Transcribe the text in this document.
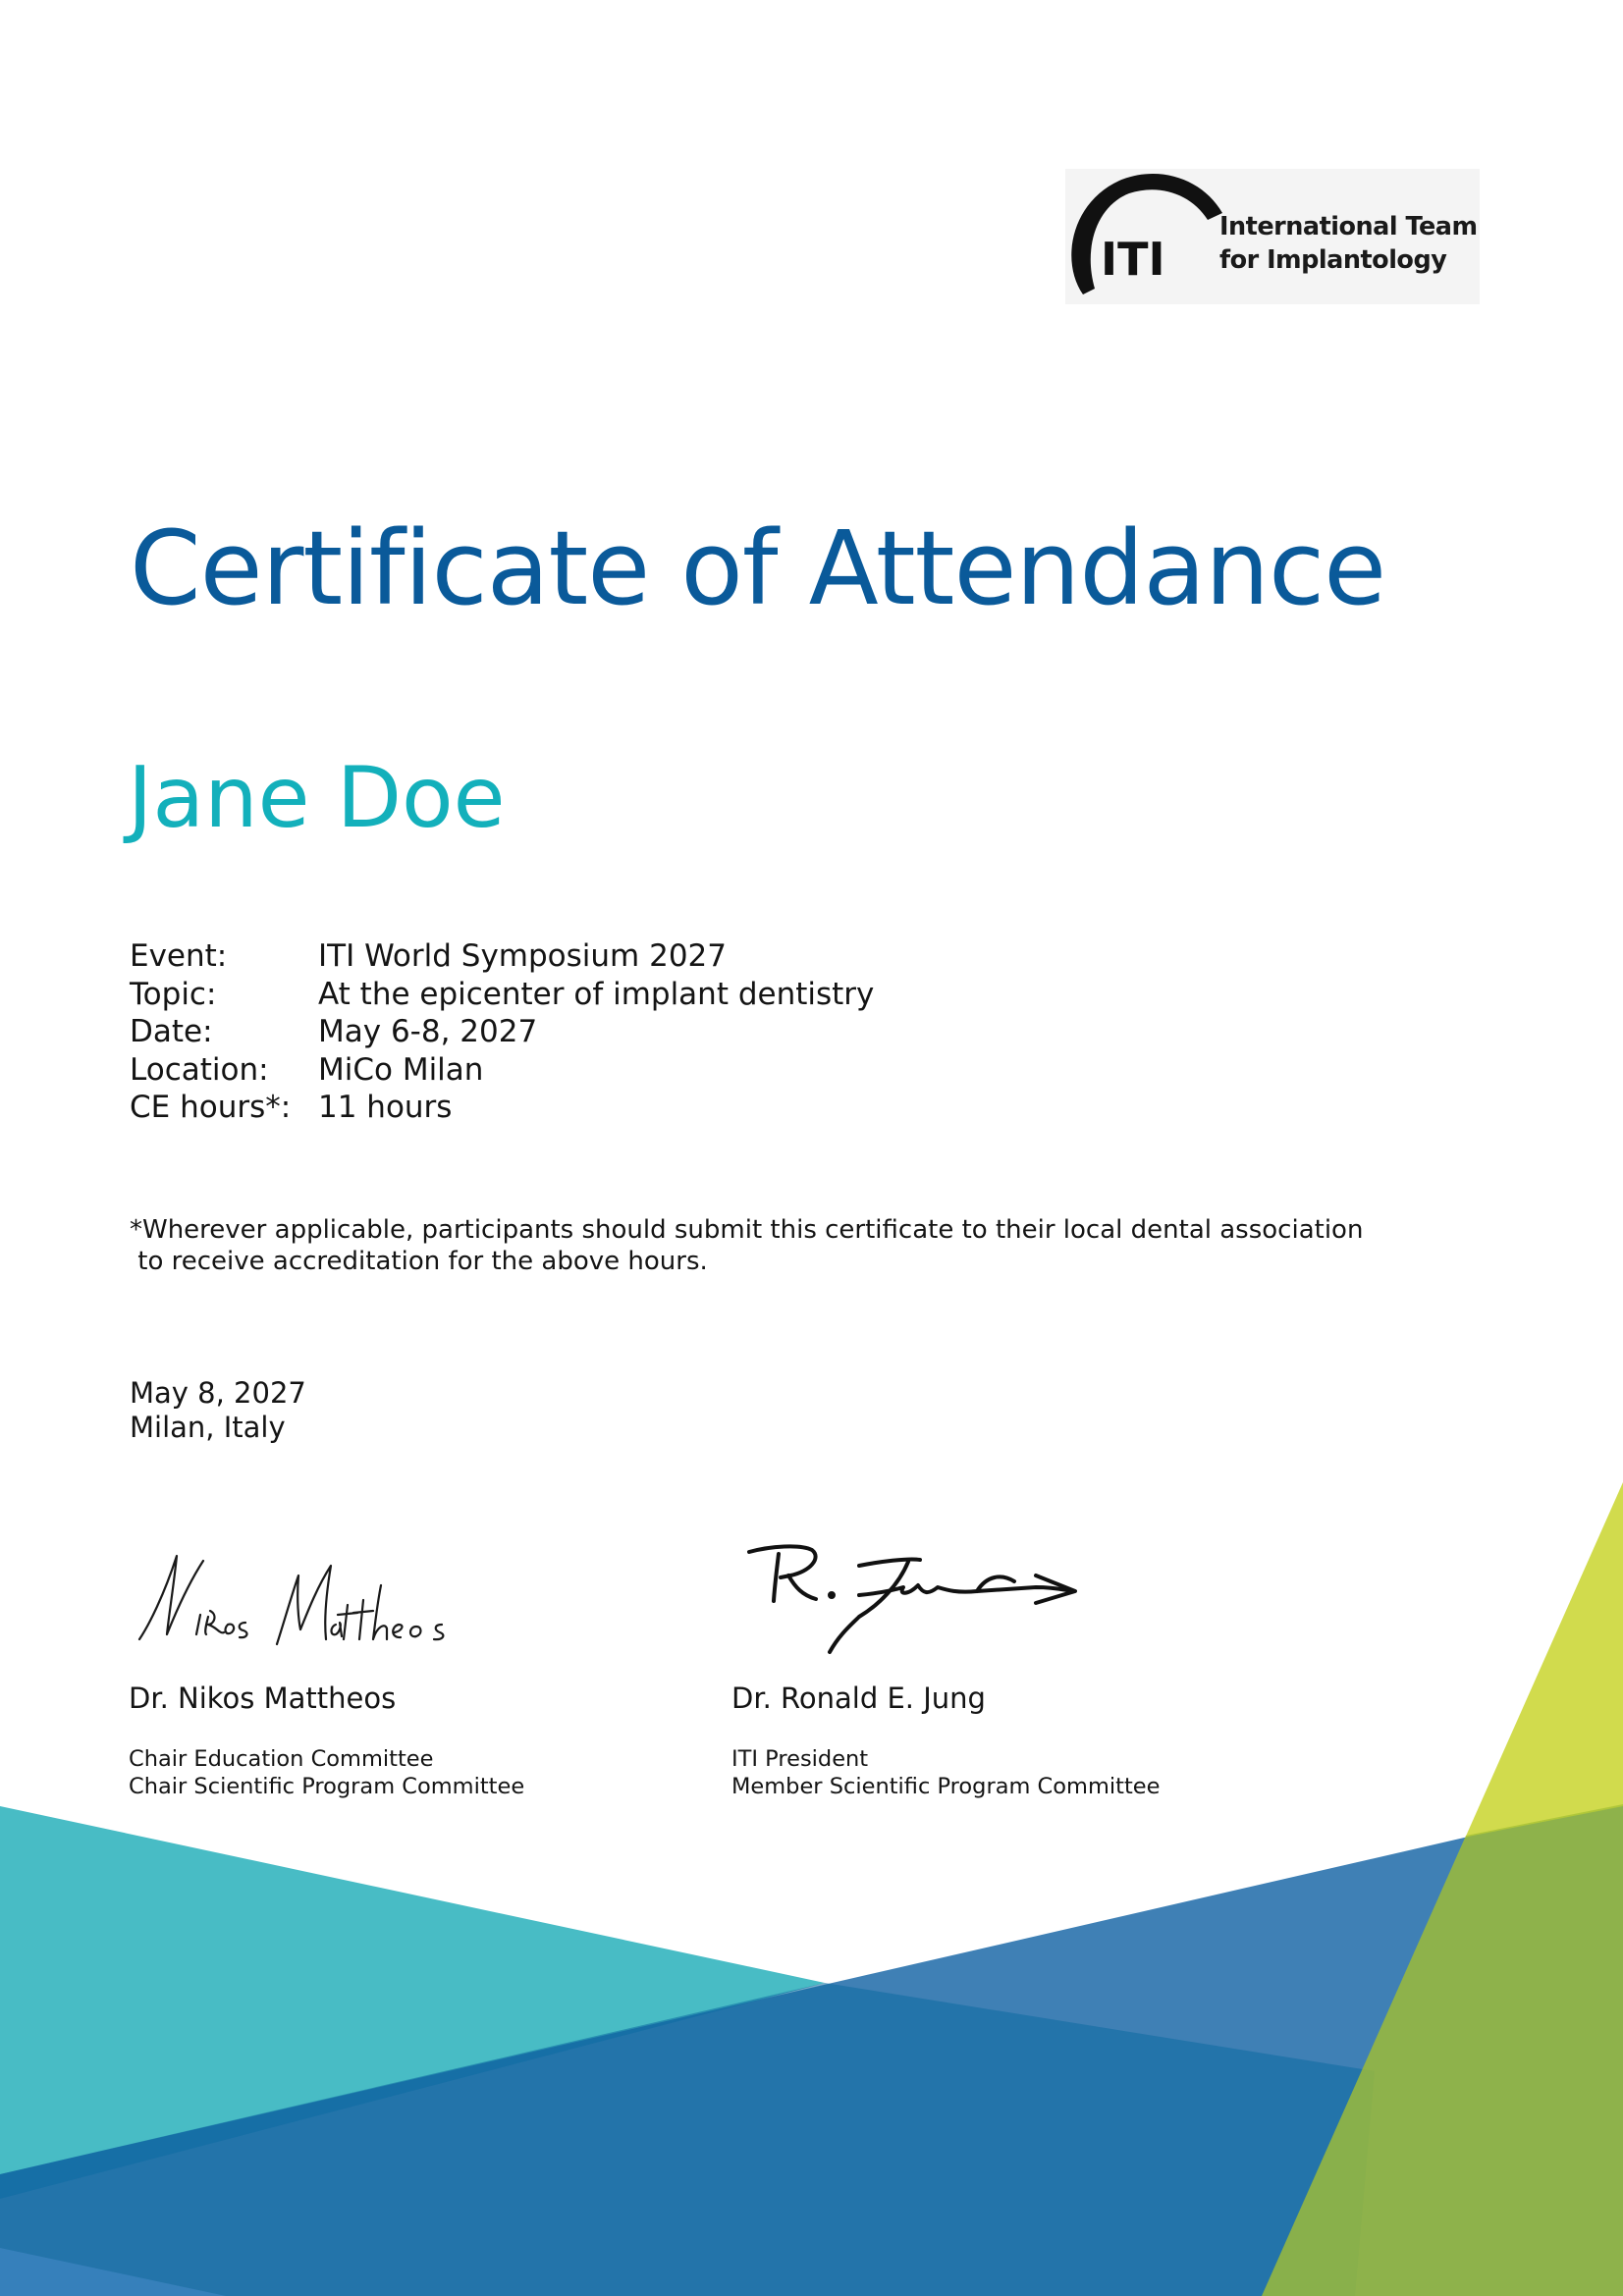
ITI
International Team
for Implantology
Certificate of Attendance
Jane Doe
Event:	ITI World Symposium 2027
Topic:	At the epicenter of implant dentistry
Date:	May 6-8, 2027
Location:	MiCo Milan
CE hours*: 11 hours
*Wherever applicable, participants should submit this certificate to their local dental association
to receive accreditation for the above hours.
May 8, 2027
Milan, Italy
Dr. Nikos Mattheos
Chair Education Committee
Chair Scientific Program Committee
Dr. Ronald E. Jung
ITI President
Member Scientific Program Committee
